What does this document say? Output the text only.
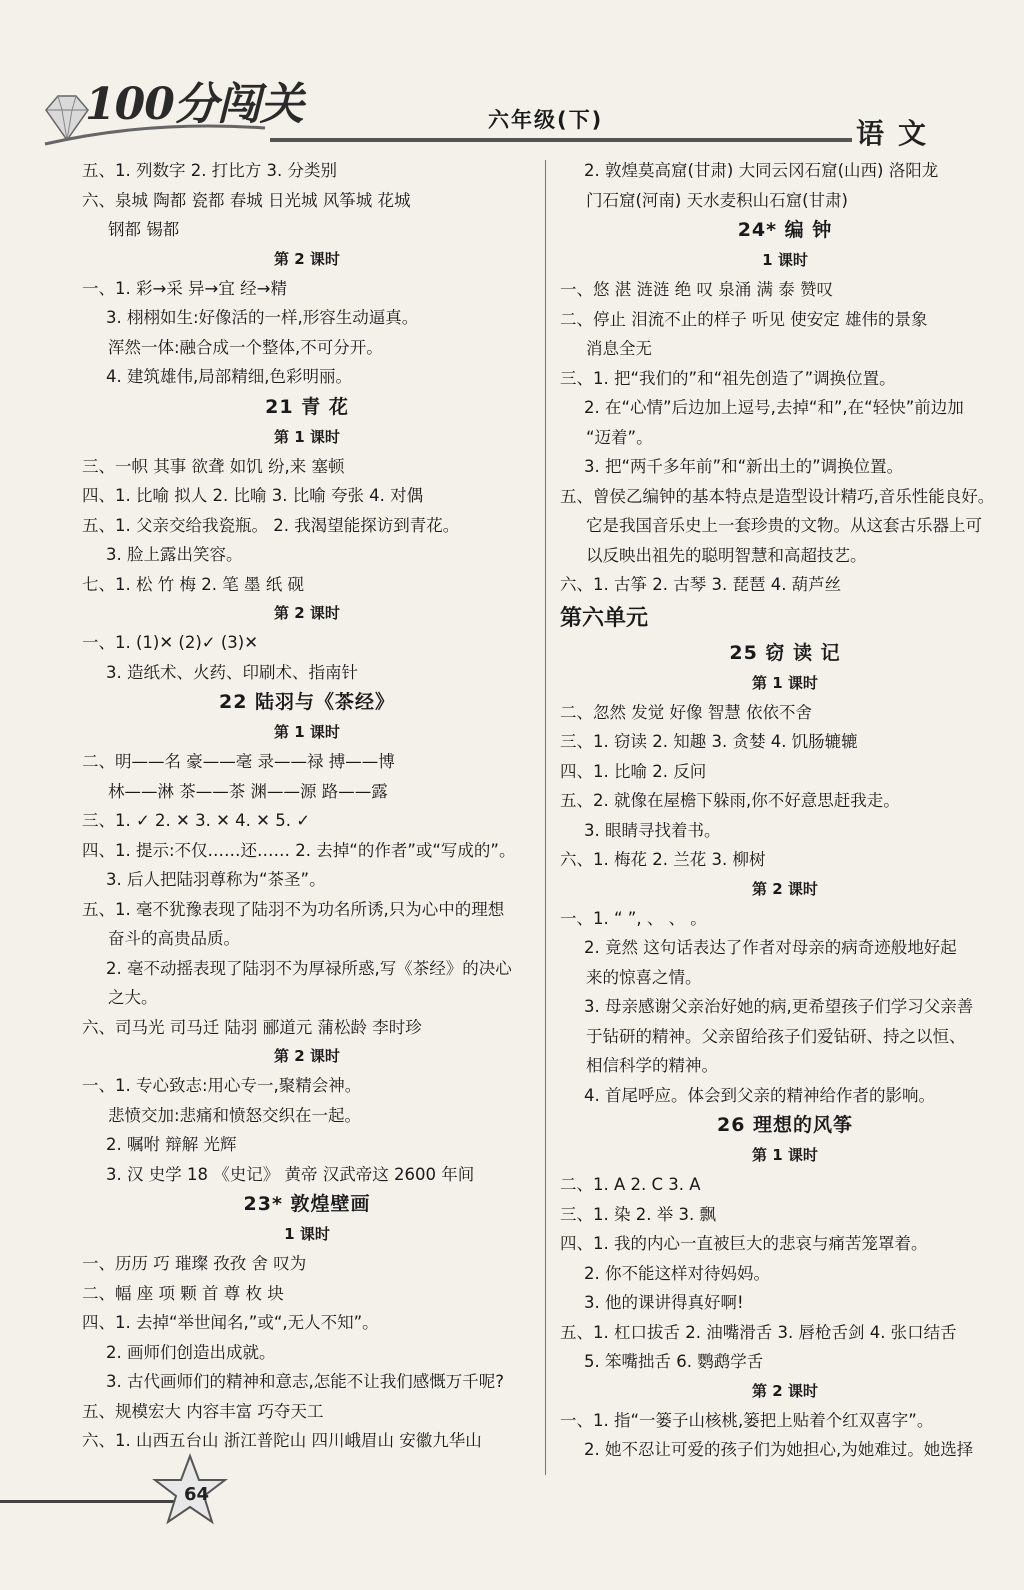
100分闯关	六年级(下)	语文
五、1. 列数字 2. 打比方 3. 分类别
六、泉城 陶都 瓷都 春城 日光城 风筝城 花城
钢都 锡都
第 2 课时
一、1. 彩→采 异→宜 经→精
3. 栩栩如生:好像活的一样,形容生动逼真。
浑然一体:融合成一个整体,不可分开。
4. 建筑雄伟,局部精细,色彩明丽。
21 青 花
第 1 课时
三、一帜 其事 欲聋 如饥 纷,来 塞顿
四、1. 比喻 拟人 2. 比喻 3. 比喻 夸张 4. 对偶
五、1. 父亲交给我瓷瓶。 2. 我渴望能探访到青花。
3. 脸上露出笑容。
七、1. 松 竹 梅 2. 笔 墨 纸 砚
第 2 课时
一、1. (1)✕ (2)✓ (3)✕
3. 造纸术、火药、印刷术、指南针
22 陆羽与《茶经》
第 1 课时
二、明——名 豪——毫 录——禄 搏——博
林——淋 茶——茶 渊——源 路——露
三、1. ✓ 2. ✕ 3. ✕ 4. ✕ 5. ✓
四、1. 提示:不仅……还…… 2. 去掉“的作者”或“写成的”。
3. 后人把陆羽尊称为“茶圣”。
五、1. 毫不犹豫表现了陆羽不为功名所诱,只为心中的理想
奋斗的高贵品质。
2. 毫不动摇表现了陆羽不为厚禄所惑,写《茶经》的决心
之大。
六、司马光 司马迁 陆羽 郦道元 蒲松龄 李时珍
第 2 课时
一、1. 专心致志:用心专一,聚精会神。
悲愤交加:悲痛和愤怒交织在一起。
2. 嘱咐 辩解 光辉
3. 汉 史学 18 《史记》 黄帝 汉武帝这 2600 年间
23* 敦煌壁画
1 课时
一、历历 巧 璀璨 孜孜 舍 叹为
二、幅 座 项 颗 首 尊 枚 块
四、1. 去掉“举世闻名,”或“,无人不知”。
2. 画师们创造出成就。
3. 古代画师们的精神和意志,怎能不让我们感慨万千呢?
五、规模宏大 内容丰富 巧夺天工
六、1. 山西五台山 浙江普陀山 四川峨眉山 安徽九华山
2. 敦煌莫高窟(甘肃) 大同云冈石窟(山西) 洛阳龙
门石窟(河南) 天水麦积山石窟(甘肃)
24* 编 钟
1 课时
一、悠 湛 涟涟 绝 叹 泉涌 满 泰 赞叹
二、停止 泪流不止的样子 听见 使安定 雄伟的景象
消息全无
三、1. 把“我们的”和“祖先创造了”调换位置。
2. 在“心情”后边加上逗号,去掉“和”,在“轻快”前边加
“迈着”。
3. 把“两千多年前”和“新出土的”调换位置。
五、曾侯乙编钟的基本特点是造型设计精巧,音乐性能良好。
它是我国音乐史上一套珍贵的文物。从这套古乐器上可
以反映出祖先的聪明智慧和高超技艺。
六、1. 古筝 2. 古琴 3. 琵琶 4. 葫芦丝
第六单元
25 窃 读 记
第 1 课时
二、忽然 发觉 好像 智慧 依依不舍
三、1. 窃读 2. 知趣 3. 贪婪 4. 饥肠辘辘
四、1. 比喻 2. 反问
五、2. 就像在屋檐下躲雨,你不好意思赶我走。
3. 眼睛寻找着书。
六、1. 梅花 2. 兰花 3. 柳树
第 2 课时
一、1. “ ”, 、 、 。
2. 竟然 这句话表达了作者对母亲的病奇迹般地好起
来的惊喜之情。
3. 母亲感谢父亲治好她的病,更希望孩子们学习父亲善
于钻研的精神。父亲留给孩子们爱钻研、持之以恒、
相信科学的精神。
4. 首尾呼应。体会到父亲的精神给作者的影响。
26 理想的风筝
第 1 课时
二、1. A 2. C 3. A
三、1. 染 2. 举 3. 飘
四、1. 我的内心一直被巨大的悲哀与痛苦笼罩着。
2. 你不能这样对待妈妈。
3. 他的课讲得真好啊!
五、1. 杠口拔舌 2. 油嘴滑舌 3. 唇枪舌剑 4. 张口结舌
5. 笨嘴拙舌 6. 鹦鹉学舌
第 2 课时
一、1. 指“一篓子山核桃,篓把上贴着个红双喜字”。
2. 她不忍让可爱的孩子们为她担心,为她难过。她选择
64
